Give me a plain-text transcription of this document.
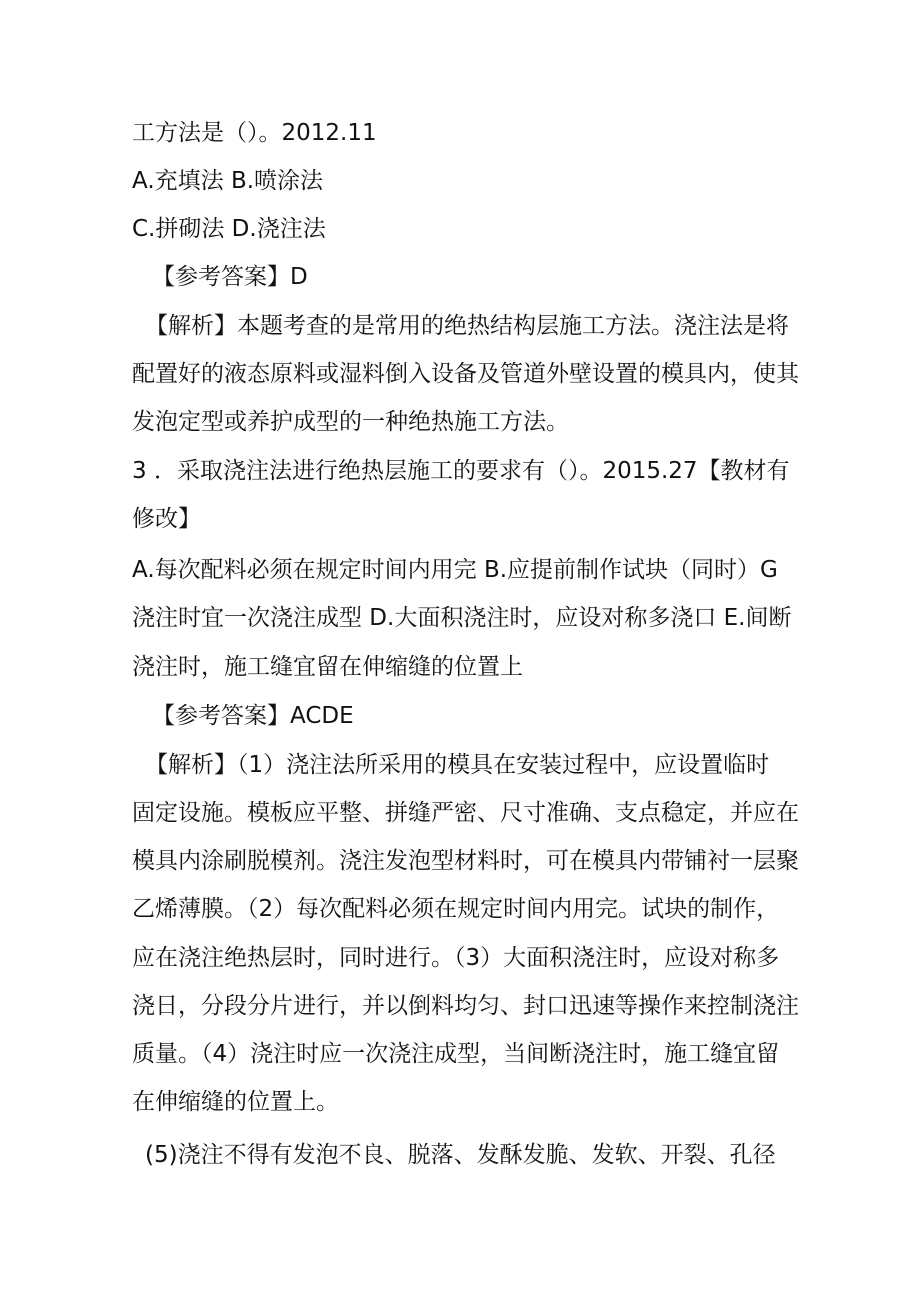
工方法是（）。2012.11
A.充填法 B.喷涂法
C.拼砌法 D.浇注法
【参考答案】D
【解析】本题考查的是常用的绝热结构层施工方法。浇注法是将
配置好的液态原料或湿料倒入设备及管道外壁设置的模具内，使其
发泡定型或养护成型的一种绝热施工方法。
3 ．采取浇注法进行绝热层施工的要求有（）。2015.27【教材有
修改】
A.每次配料必须在规定时间内用完 B.应提前制作试块（同时）G
浇注时宜一次浇注成型 D.大面积浇注时，应设对称多浇口 E.间断
浇注时，施工缝宜留在伸缩缝的位置上
【参考答案】ACDE
【解析】（1）浇注法所采用的模具在安装过程中，应设置临时
固定设施。模板应平整、拼缝严密、尺寸准确、支点稳定，并应在
模具内涂刷脱模剂。浇注发泡型材料时，可在模具内带铺衬一层聚
乙烯薄膜。（2）每次配料必须在规定时间内用完。试块的制作，
应在浇注绝热层时，同时进行。（3）大面积浇注时，应设对称多
浇日，分段分片进行，并以倒料均匀、封口迅速等操作来控制浇注
质量。（4）浇注时应一次浇注成型，当间断浇注时，施工缝宜留
在伸缩缝的位置上。
(5)浇注不得有发泡不良、脱落、发酥发脆、发软、开裂、孔径
